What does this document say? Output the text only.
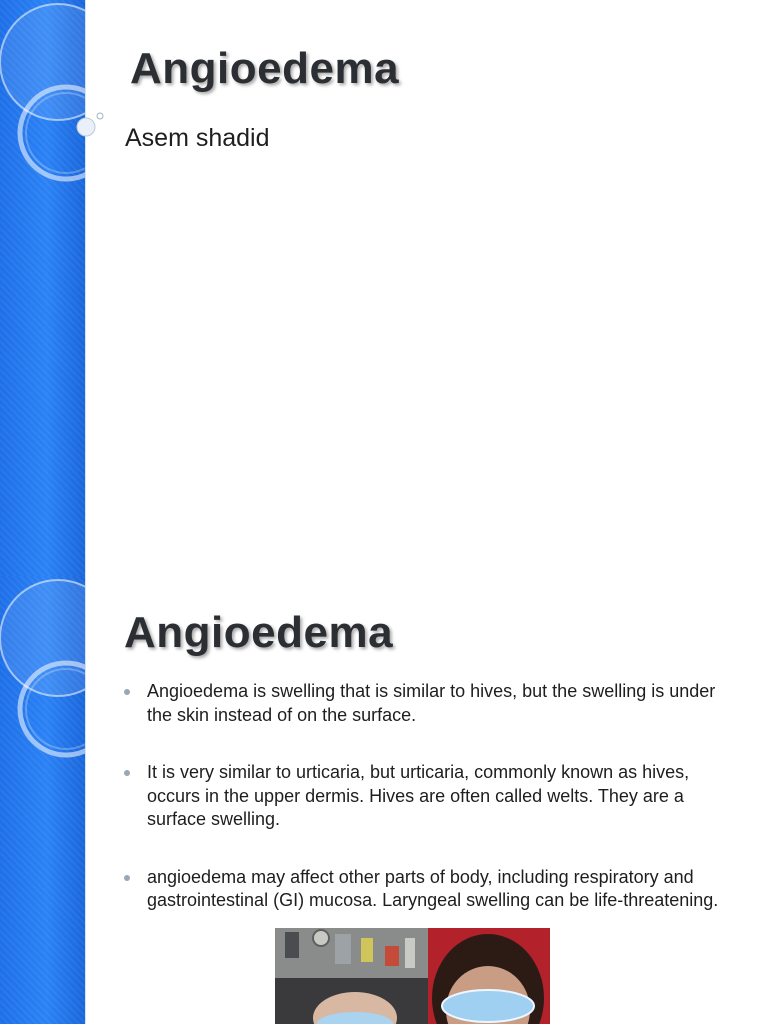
Angioedema

Asem shadid

Angioedema
Angioedema is swelling that is similar to hives, but the swelling is under the skin instead of on the surface.
It is very similar to urticaria, but urticaria, commonly known as hives, occurs in the upper dermis. Hives are often called welts. They are a surface swelling.
angioedema may affect other parts of body, including respiratory and gastrointestinal (GI) mucosa. Laryngeal swelling can be life-threatening.
